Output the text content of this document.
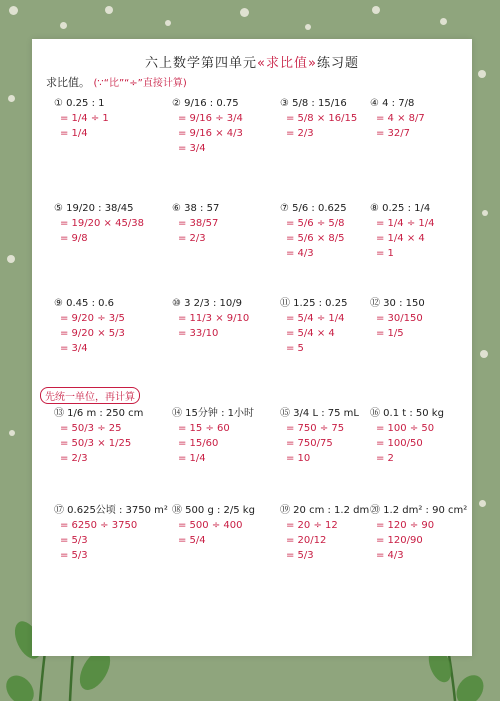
六上数学第四单元«求比值»练习题
求比值。 (∵“比”“÷”直接计算)
先统一单位，再计算
① 0.25 : 1
= 1/4 ÷ 1
= 1/4
② 9/16 : 0.75
= 9/16 ÷ 3/4
= 9/16 × 4/3
= 3/4
③ 5/8 : 15/16
= 5/8 × 16/15
= 2/3
④ 4 : 7/8
= 4 × 8/7
= 32/7
⑤ 19/20 : 38/45
= 19/20 × 45/38
= 9/8
⑥ 38 : 57
= 38/57
= 2/3
⑦ 5/6 : 0.625
= 5/6 ÷ 5/8
= 5/6 × 8/5
= 4/3
⑧ 0.25 : 1/4
= 1/4 ÷ 1/4
= 1/4 × 4
= 1
⑨ 0.45 : 0.6
= 9/20 ÷ 3/5
= 9/20 × 5/3
= 3/4
⑩ 3 2/3 : 10/9
= 11/3 × 9/10
= 33/10
⑪ 1.25 : 0.25
= 5/4 ÷ 1/4
= 5/4 × 4
= 5
⑫ 30 : 150
= 30/150
= 1/5
⑬ 1/6 m : 250 cm
= 50/3 ÷ 25
= 50/3 × 1/25
= 2/3
⑭ 15分钟 : 1小时
= 15 ÷ 60
= 15/60
= 1/4
⑮ 3/4 L : 75 mL
= 750 ÷ 75
= 750/75
= 10
⑯ 0.1 t : 50 kg
= 100 ÷ 50
= 100/50
= 2
⑰ 0.625公顷 : 3750 m²
= 6250 ÷ 3750
= 5/3
= 5/3
⑱ 500 g : 2/5 kg
= 500 ÷ 400
= 5/4
⑲ 20 cm : 1.2 dm
= 20 ÷ 12
= 20/12
= 5/3
⑳ 1.2 dm² : 90 cm²
= 120 ÷ 90
= 120/90
= 4/3
